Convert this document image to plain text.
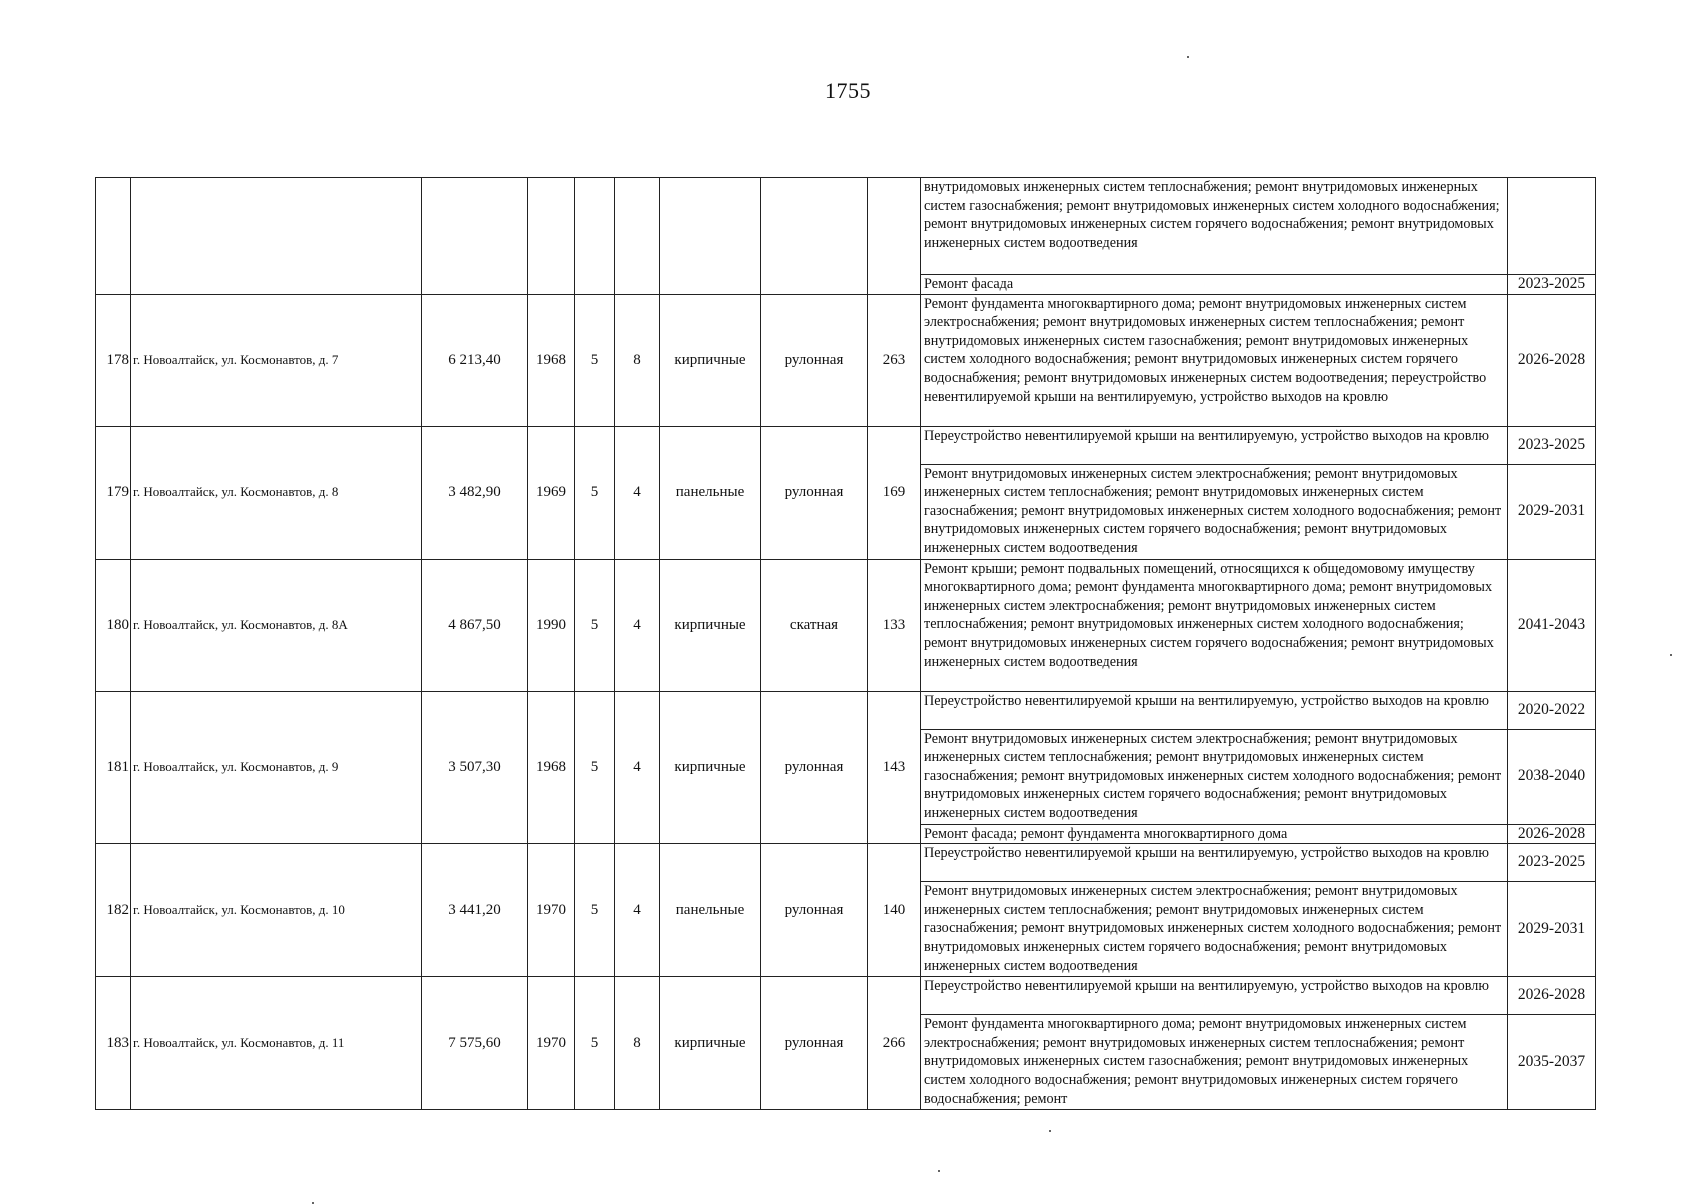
1755
									внутридомовых инженерных систем теплоснабжения; ремонт внутридомовых инженерных систем газоснабжения; ремонт внутридомовых инженерных систем холодного водоснабжения; ремонт внутридомовых инженерных систем горячего водоснабжения; ремонт внутридомовых инженерных систем водоотведения	
									Ремонт фасада	2023-2025
178	г. Новоалтайск, ул. Космонавтов, д. 7	6 213,40	1968	5	8	кирпичные	рулонная	263	Ремонт фундамента многоквартирного дома; ремонт внутридомовых инженерных систем электроснабжения; ремонт внутридомовых инженерных систем теплоснабжения; ремонт внутридомовых инженерных систем газоснабжения; ремонт внутридомовых инженерных систем холодного водоснабжения; ремонт внутридомовых инженерных систем горячего водоснабжения; ремонт внутридомовых инженерных систем водоотведения; переустройство невентилируемой крыши на вентилируемую, устройство выходов на кровлю	2026-2028
179	г. Новоалтайск, ул. Космонавтов, д. 8	3 482,90	1969	5	4	панельные	рулонная	169	Переустройство невентилируемой крыши на вентилируемую, устройство выходов на кровлю	2023-2025
									Ремонт внутридомовых инженерных систем электроснабжения; ремонт внутридомовых инженерных систем теплоснабжения; ремонт внутридомовых инженерных систем газоснабжения; ремонт внутридомовых инженерных систем холодного водоснабжения; ремонт внутридомовых инженерных систем горячего водоснабжения; ремонт внутридомовых инженерных систем водоотведения	2029-2031
180	г. Новоалтайск, ул. Космонавтов, д. 8А	4 867,50	1990	5	4	кирпичные	скатная	133	Ремонт крыши; ремонт подвальных помещений, относящихся к общедомовому имуществу многоквартирного дома; ремонт фундамента многоквартирного дома; ремонт внутридомовых инженерных систем электроснабжения; ремонт внутридомовых инженерных систем теплоснабжения; ремонт внутридомовых инженерных систем холодного водоснабжения; ремонт внутридомовых инженерных систем горячего водоснабжения; ремонт внутридомовых инженерных систем водоотведения	2041-2043
181	г. Новоалтайск, ул. Космонавтов, д. 9	3 507,30	1968	5	4	кирпичные	рулонная	143	Переустройство невентилируемой крыши на вентилируемую, устройство выходов на кровлю	2020-2022
									Ремонт внутридомовых инженерных систем электроснабжения; ремонт внутридомовых инженерных систем теплоснабжения; ремонт внутридомовых инженерных систем газоснабжения; ремонт внутридомовых инженерных систем холодного водоснабжения; ремонт внутридомовых инженерных систем горячего водоснабжения; ремонт внутридомовых инженерных систем водоотведения	2038-2040
									Ремонт фасада; ремонт фундамента многоквартирного дома	2026-2028
182	г. Новоалтайск, ул. Космонавтов, д. 10	3 441,20	1970	5	4	панельные	рулонная	140	Переустройство невентилируемой крыши на вентилируемую, устройство выходов на кровлю	2023-2025
									Ремонт внутридомовых инженерных систем электроснабжения; ремонт внутридомовых инженерных систем теплоснабжения; ремонт внутридомовых инженерных систем газоснабжения; ремонт внутридомовых инженерных систем холодного водоснабжения; ремонт внутридомовых инженерных систем горячего водоснабжения; ремонт внутридомовых инженерных систем водоотведения	2029-2031
183	г. Новоалтайск, ул. Космонавтов, д. 11	7 575,60	1970	5	8	кирпичные	рулонная	266	Переустройство невентилируемой крыши на вентилируемую, устройство выходов на кровлю	2026-2028
									Ремонт фундамента многоквартирного дома; ремонт внутридомовых инженерных систем электроснабжения; ремонт внутридомовых инженерных систем теплоснабжения; ремонт внутридомовых инженерных систем газоснабжения; ремонт внутридомовых инженерных систем холодного водоснабжения; ремонт внутридомовых инженерных систем горячего водоснабжения; ремонт	2035-2037
